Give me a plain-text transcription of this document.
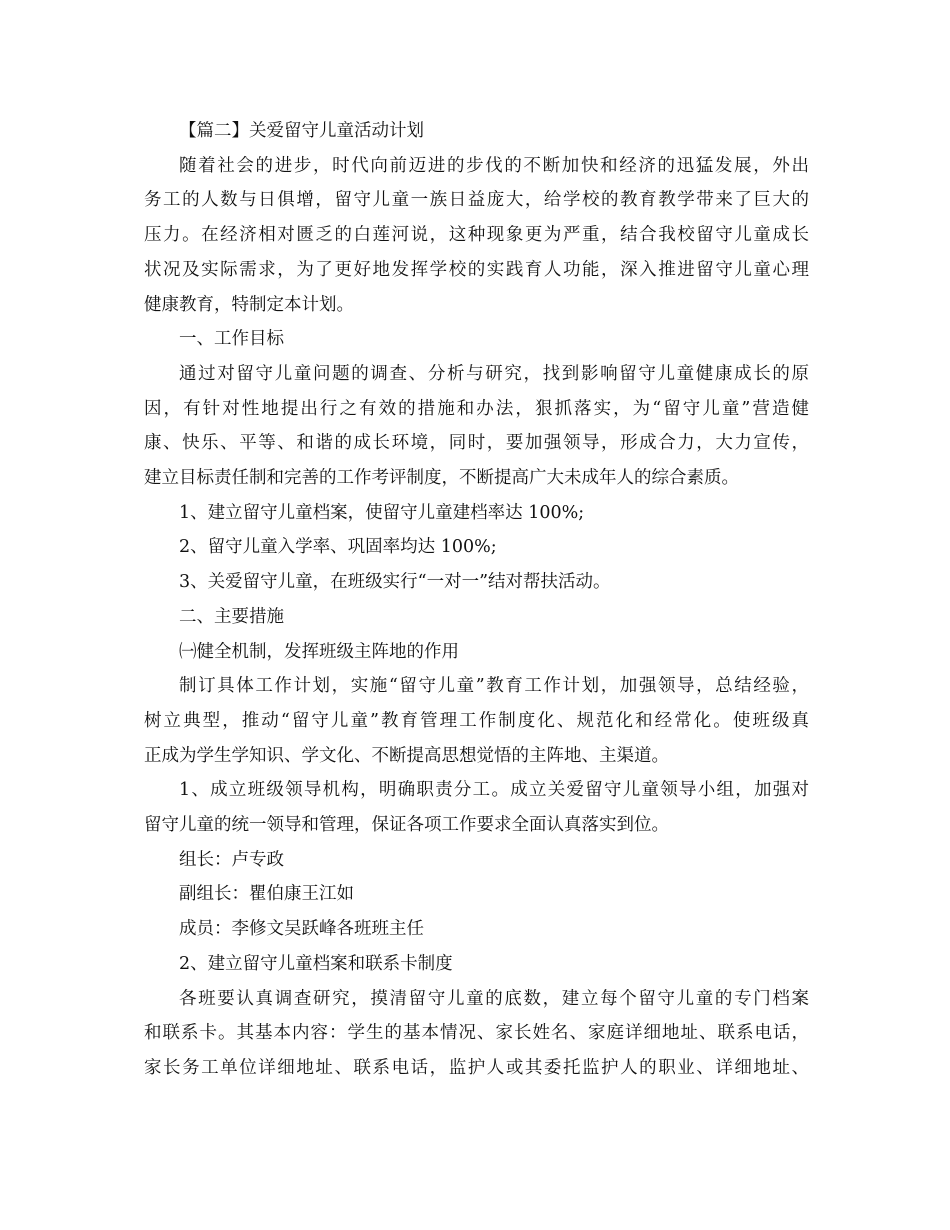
【篇二】关爱留守儿童活动计划

随着社会的进步，时代向前迈进的步伐的不断加快和经济的迅猛发展，外出

务工的人数与日俱增，留守儿童一族日益庞大，给学校的教育教学带来了巨大的

压力。在经济相对匮乏的白莲河说，这种现象更为严重，结合我校留守儿童成长

状况及实际需求，为了更好地发挥学校的实践育人功能，深入推进留守儿童心理

健康教育，特制定本计划。

一、工作目标

通过对留守儿童问题的调查、分析与研究，找到影响留守儿童健康成长的原

因，有针对性地提出行之有效的措施和办法，狠抓落实，为“留守儿童”营造健

康、快乐、平等、和谐的成长环境，同时，要加强领导，形成合力，大力宣传，

建立目标责任制和完善的工作考评制度，不断提高广大未成年人的综合素质。

1、建立留守儿童档案，使留守儿童建档率达 100%;

2、留守儿童入学率、巩固率均达 100%;

3、关爱留守儿童，在班级实行“一对一”结对帮扶活动。

二、主要措施

㈠健全机制，发挥班级主阵地的作用

制订具体工作计划，实施“留守儿童”教育工作计划，加强领导，总结经验，

树立典型，推动“留守儿童”教育管理工作制度化、规范化和经常化。使班级真

正成为学生学知识、学文化、不断提高思想觉悟的主阵地、主渠道。

1、成立班级领导机构，明确职责分工。成立关爱留守儿童领导小组，加强对

留守儿童的统一领导和管理，保证各项工作要求全面认真落实到位。

组长：卢专政

副组长：瞿伯康王江如

成员：李修文吴跃峰各班班主任

2、建立留守儿童档案和联系卡制度

各班要认真调查研究，摸清留守儿童的底数，建立每个留守儿童的专门档案

和联系卡。其基本内容：学生的基本情况、家长姓名、家庭详细地址、联系电话，

家长务工单位详细地址、联系电话，监护人或其委托监护人的职业、详细地址、
